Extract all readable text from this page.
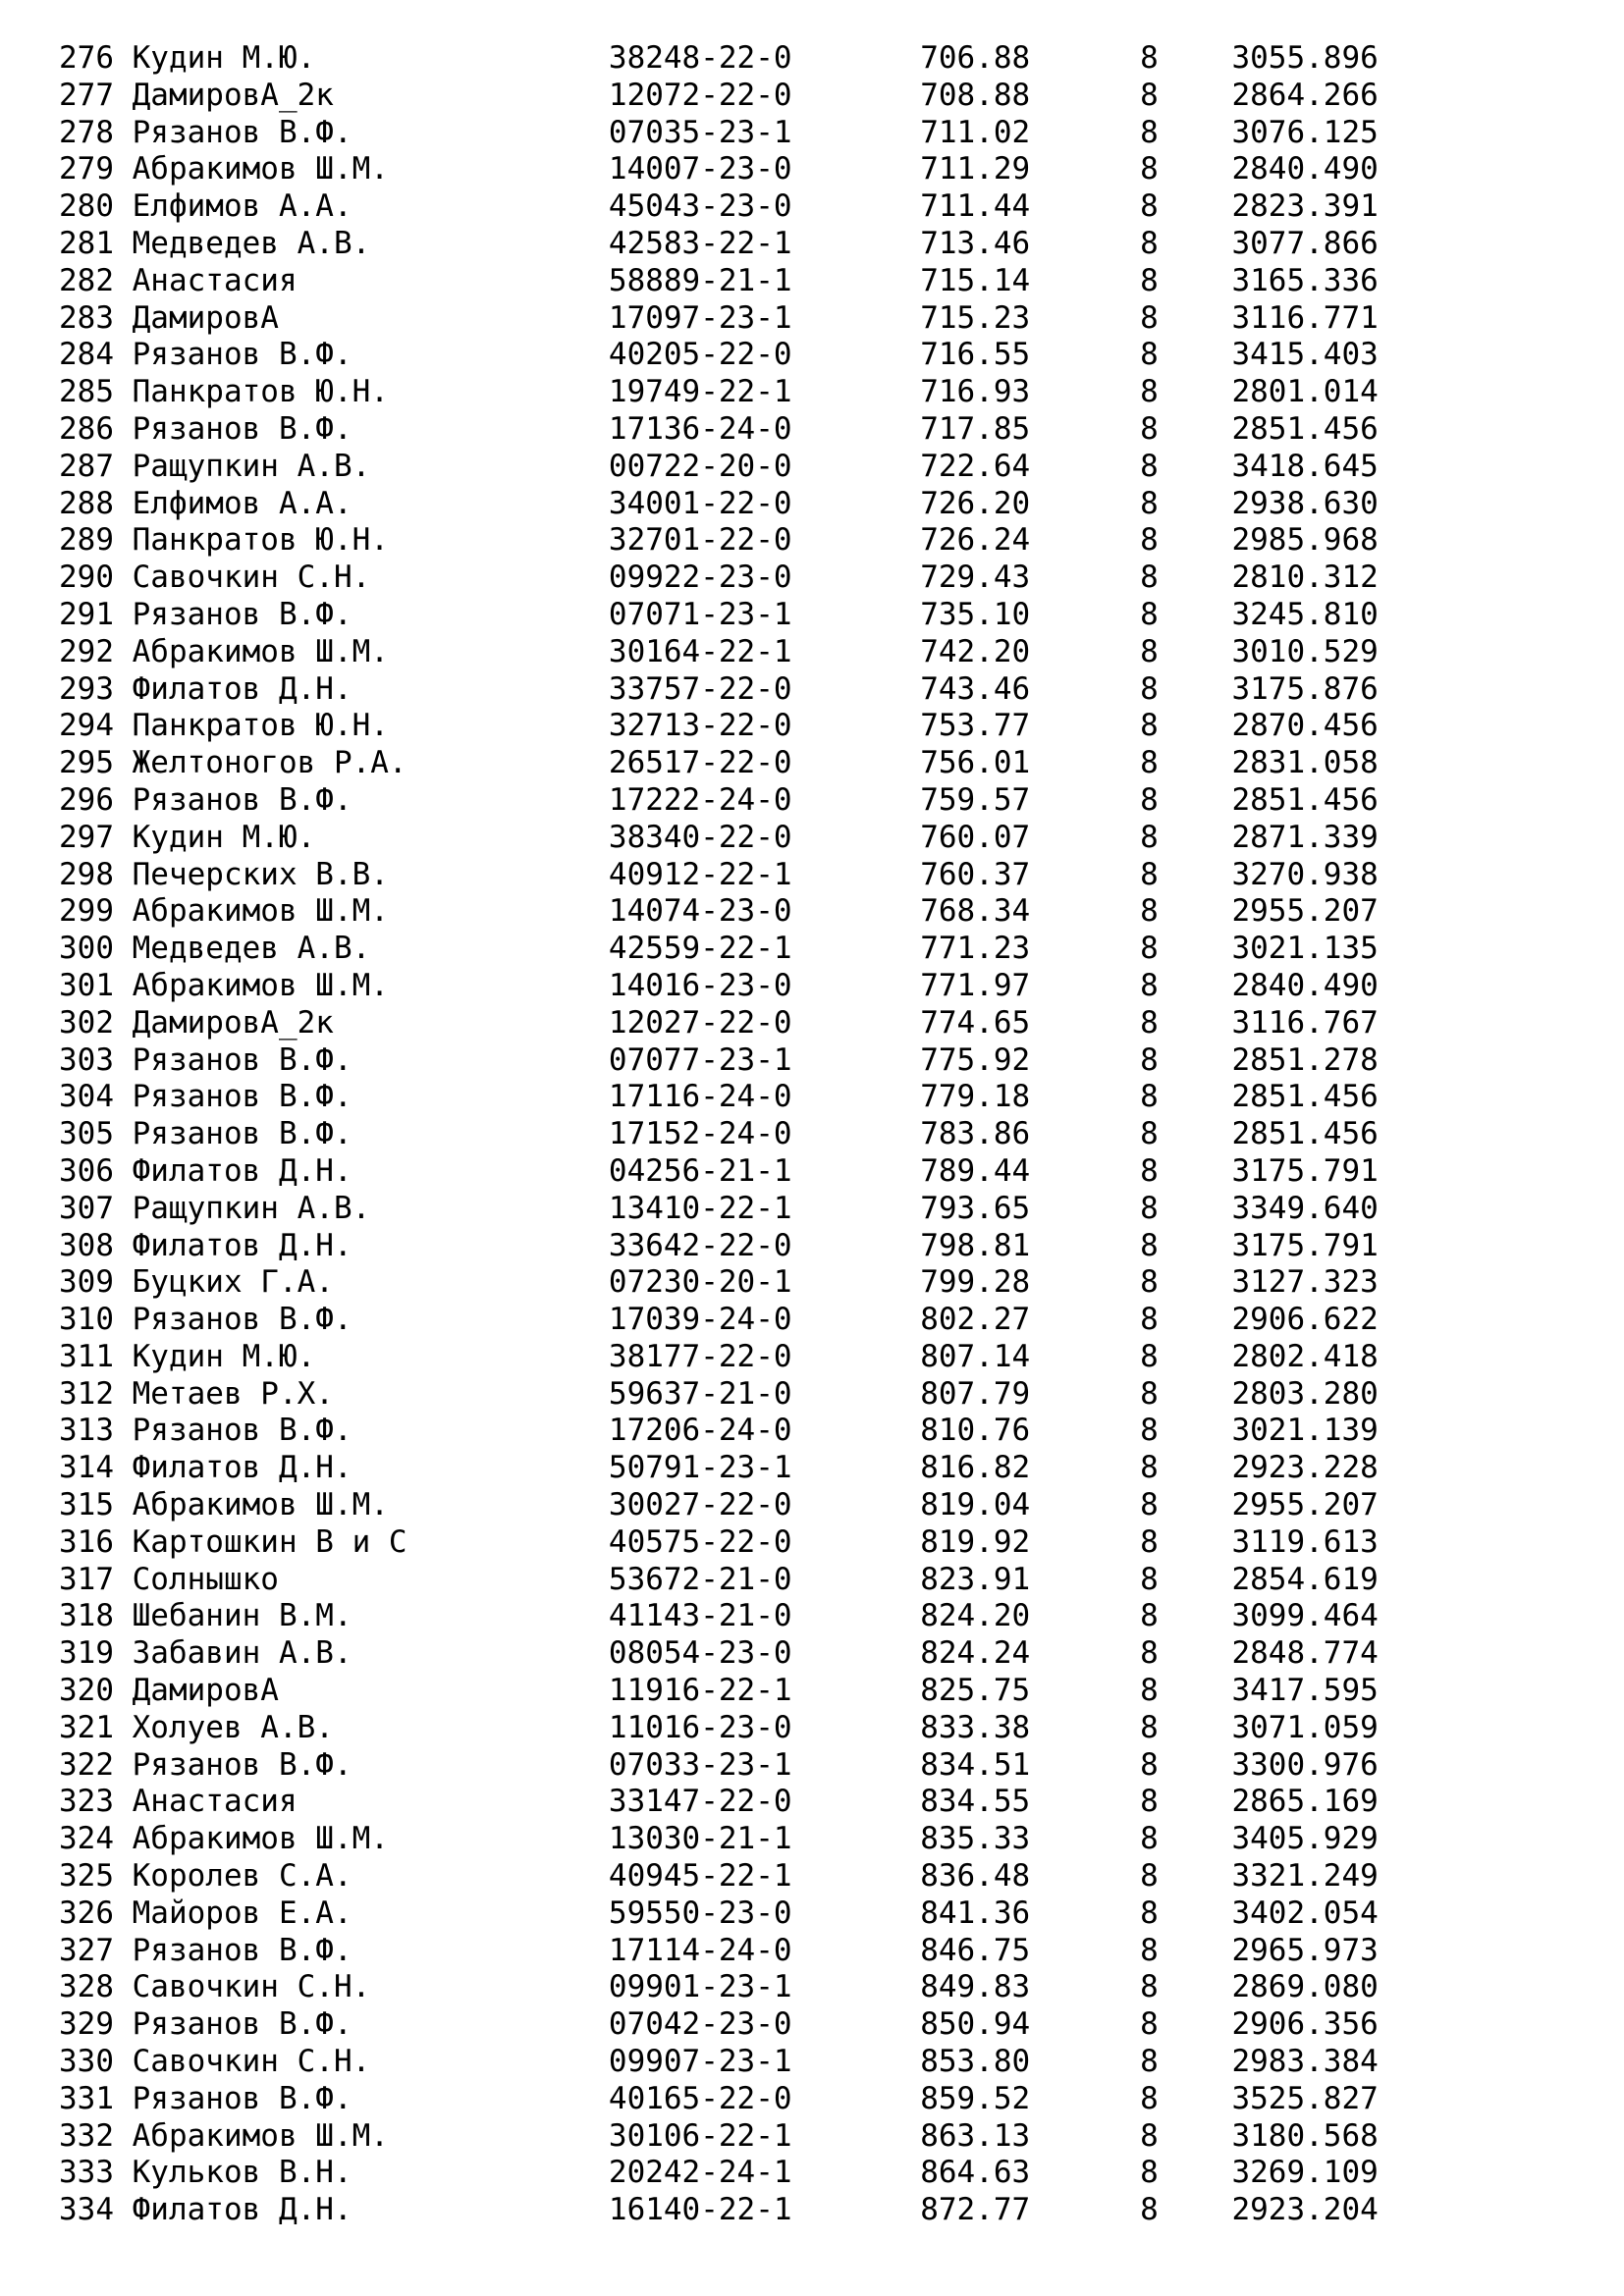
276 Кудин М.Ю.	38248-22-0	706.88	8 3055.896
277 ДамировА_2к	12072-22-0	708.88	8 2864.266
278 Рязанов В.Ф.	07035-23-1	711.02	8 3076.125
279 Абракимов Ш.М.	14007-23-0	711.29	8 2840.490
280 Елфимов А.А.	45043-23-0	711.44	8 2823.391
281 Медведев А.В.	42583-22-1	713.46	8 3077.866
282 Анастасия	58889-21-1	715.14	8 3165.336
283 ДамировА	17097-23-1	715.23	8 3116.771
284 Рязанов В.Ф.	40205-22-0	716.55	8 3415.403
285 Панкратов Ю.Н.	19749-22-1	716.93	8 2801.014
286 Рязанов В.Ф.	17136-24-0	717.85	8 2851.456
287 Ращупкин А.В.	00722-20-0	722.64	8 3418.645
288 Елфимов А.А.	34001-22-0	726.20	8 2938.630
289 Панкратов Ю.Н.	32701-22-0	726.24	8 2985.968
290 Савочкин С.Н.	09922-23-0	729.43	8 2810.312
291 Рязанов В.Ф.	07071-23-1	735.10	8 3245.810
292 Абракимов Ш.М.	30164-22-1	742.20	8 3010.529
293 Филатов Д.Н.	33757-22-0	743.46	8 3175.876
294 Панкратов Ю.Н.	32713-22-0	753.77	8 2870.456
295 Желтоногов Р.А.	26517-22-0	756.01	8 2831.058
296 Рязанов В.Ф.	17222-24-0	759.57	8 2851.456
297 Кудин М.Ю.	38340-22-0	760.07	8 2871.339
298 Печерских В.В.	40912-22-1	760.37	8 3270.938
299 Абракимов Ш.М.	14074-23-0	768.34	8 2955.207
300 Медведев А.В.	42559-22-1	771.23	8 3021.135
301 Абракимов Ш.М.	14016-23-0	771.97	8 2840.490
302 ДамировА_2к	12027-22-0	774.65	8 3116.767
303 Рязанов В.Ф.	07077-23-1	775.92	8 2851.278
304 Рязанов В.Ф.	17116-24-0	779.18	8 2851.456
305 Рязанов В.Ф.	17152-24-0	783.86	8 2851.456
306 Филатов Д.Н.	04256-21-1	789.44	8 3175.791
307 Ращупкин А.В.	13410-22-1	793.65	8 3349.640
308 Филатов Д.Н.	33642-22-0	798.81	8 3175.791
309 Буцких Г.А.	07230-20-1	799.28	8 3127.323
310 Рязанов В.Ф.	17039-24-0	802.27	8 2906.622
311 Кудин М.Ю.	38177-22-0	807.14	8 2802.418
312 Метаев Р.Х.	59637-21-0	807.79	8 2803.280
313 Рязанов В.Ф.	17206-24-0	810.76	8 3021.139
314 Филатов Д.Н.	50791-23-1	816.82	8 2923.228
315 Абракимов Ш.М.	30027-22-0	819.04	8 2955.207
316 Картошкин В и С	40575-22-0	819.92	8 3119.613
317 Солнышко	53672-21-0	823.91	8 2854.619
318 Шебанин В.М.	41143-21-0	824.20	8 3099.464
319 Забавин А.В.	08054-23-0	824.24	8 2848.774
320 ДамировА	11916-22-1	825.75	8 3417.595
321 Холуев А.В.	11016-23-0	833.38	8 3071.059
322 Рязанов В.Ф.	07033-23-1	834.51	8 3300.976
323 Анастасия	33147-22-0	834.55	8 2865.169
324 Абракимов Ш.М.	13030-21-1	835.33	8 3405.929
325 Королев С.А.	40945-22-1	836.48	8 3321.249
326 Майоров Е.А.	59550-23-0	841.36	8 3402.054
327 Рязанов В.Ф.	17114-24-0	846.75	8 2965.973
328 Савочкин С.Н.	09901-23-1	849.83	8 2869.080
329 Рязанов В.Ф.	07042-23-0	850.94	8 2906.356
330 Савочкин С.Н.	09907-23-1	853.80	8 2983.384
331 Рязанов В.Ф.	40165-22-0	859.52	8 3525.827
332 Абракимов Ш.М.	30106-22-1	863.13	8 3180.568
333 Кульков В.Н.	20242-24-1	864.63	8 3269.109
334 Филатов Д.Н.	16140-22-1	872.77	8 2923.204
